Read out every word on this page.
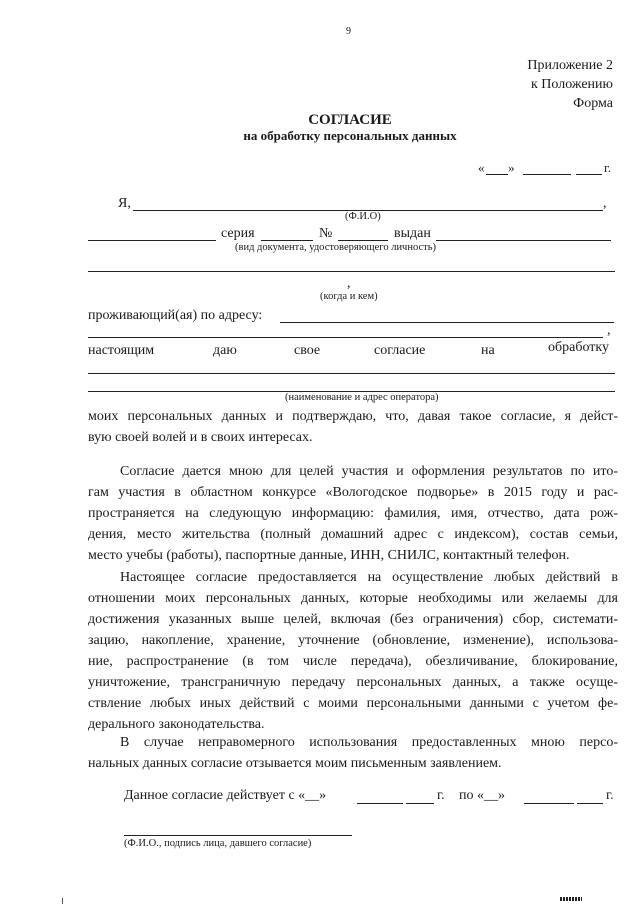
9
Приложение 2
к Положению
Форма
СОГЛАСИЕ
на обработку персональных данных
« »	г.
Я,	,
(Ф.И.О)
серия	№	выдан
(вид документа, удостоверяющего личность)
,
(когда и кем)
проживающий(ая) по адресу:
,
настоящим	даю	свое	согласие	на	обработку
(наименование и адрес оператора)
моих персональных данных и подтверждаю, что, давая такое согласие, я дейст-
вую своей волей и в своих интересах.
Согласие дается мною для целей участия и оформления результатов по ито-
гам участия в областном конкурсе «Вологодское подворье» в 2015 году и рас-
пространяется на следующую информацию: фамилия, имя, отчество, дата рож-
дения, место жительства (полный домашний адрес с индексом), состав семьи,
место учебы (работы), паспортные данные, ИНН, СНИЛС, контактный телефон.
Настоящее согласие предоставляется на осуществление любых действий в
отношении моих персональных данных, которые необходимы или желаемы для
достижения указанных выше целей, включая (без ограничения) сбор, системати-
зацию, накопление, хранение, уточнение (обновление, изменение), использова-
ние, распространение (в том числе передача), обезличивание, блокирование,
уничтожение, трансграничную передачу персональных данных, а также осуще-
ствление любых иных действий с моими персональными данными с учетом фе-
дерального законодательства.
В случае неправомерного использования предоставленных мною персо-
нальных данных согласие отзывается моим письменным заявлением.
Данное согласие действует с «__»	г. по «__»	г.
(Ф.И.О., подпись лица, давшего согласие)
